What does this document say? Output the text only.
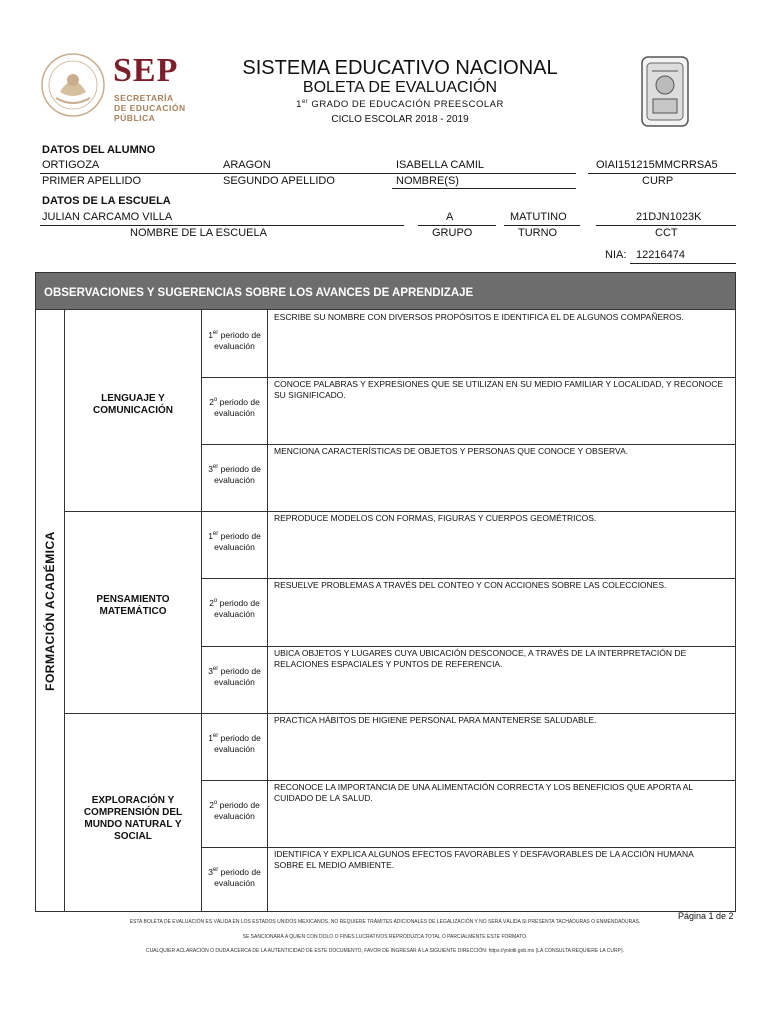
SEP
SECRETARÍA
DE EDUCACIÓN
PÚBLICA
SISTEMA EDUCATIVO NACIONAL
BOLETA DE EVALUACIÓN
1er GRADO DE EDUCACIÓN PREESCOLAR
CICLO ESCOLAR 2018 - 2019
DATOS DEL ALUMNO
ORTIGOZA	ARAGON	ISABELLA CAMIL	OIAI151215MMCRRSA5
PRIMER APELLIDO	SEGUNDO APELLIDO	NOMBRE(S)	CURP
DATOS DE LA ESCUELA
JULIAN CARCAMO VILLA	A	MATUTINO	21DJN1023K
NOMBRE DE LA ESCUELA	GRUPO	TURNO	CCT
NIA: 12216474
OBSERVACIONES Y SUGERENCIAS SOBRE LOS AVANCES DE APRENDIZAJE
FORMACIÓN ACADÉMICA
LENGUAJE Y COMUNICACIÓN
1er periodo de
evaluación
ESCRIBE SU NOMBRE CON DIVERSOS PROPÓSITOS E IDENTIFICA EL DE ALGUNOS COMPAÑEROS.
2$^o$ periodo de
evaluación
CONOCE PALABRAS Y EXPRESIONES QUE SE UTILIZAN EN SU MEDIO FAMILIAR Y LOCALIDAD, Y RECONOCE SU SIGNIFICADO.
3er periodo de
evaluación
MENCIONA CARACTERÍSTICAS DE OBJETOS Y PERSONAS QUE CONOCE Y OBSERVA.
PENSAMIENTO MATEMÁTICO
1er periodo de
evaluación
REPRODUCE MODELOS CON FORMAS, FIGURAS Y CUERPOS GEOMÉTRICOS.
2$^o$ periodo de
evaluación
RESUELVE PROBLEMAS A TRAVÉS DEL CONTEO Y CON ACCIONES SOBRE LAS COLECCIONES.
3er periodo de
evaluación
UBICA OBJETOS Y LUGARES CUYA UBICACIÓN DESCONOCE, A TRAVÉS DE LA INTERPRETACIÓN DE RELACIONES ESPACIALES Y PUNTOS DE REFERENCIA.
EXPLORACIÓN Y COMPRENSIÓN DEL MUNDO NATURAL Y SOCIAL
1er periodo de
evaluación
PRACTICA HÁBITOS DE HIGIENE PERSONAL PARA MANTENERSE SALUDABLE.
2$^o$ periodo de
evaluación
RECONOCE LA IMPORTANCIA DE UNA ALIMENTACIÓN CORRECTA Y LOS BENEFICIOS QUE APORTA AL CUIDADO DE LA SALUD.
3er periodo de
evaluación
IDENTIFICA Y EXPLICA ALGUNOS EFECTOS FAVORABLES Y DESFAVORABLES DE LA ACCIÓN HUMANA SOBRE EL MEDIO AMBIENTE.
Página 1 de 2
ESTA BOLETA DE EVALUACIÓN ES VÁLIDA EN LOS ESTADOS UNIDOS MEXICANOS. NO REQUIERE TRÁMITES ADICIONALES DE LEGALIZACIÓN Y NO SERÁ VÁLIDA SI PRESENTA TACHADURAS O ENMENDADURAS.
SE SANCIONARÁ A QUIEN CON DOLO O FINES LUCRATIVOS REPRODUZCA TOTAL O PARCIALMENTE ESTE FORMATO.
CUALQUIER ACLARACIÓN O DUDA ACERCA DE LA AUTENTICIDAD DE ESTE DOCUMENTO, FAVOR DE INGRESAR A LA SIGUIENTE DIRECCIÓN: https://yolotli.gob.mx (LA CONSULTA REQUIERE LA CURP).
